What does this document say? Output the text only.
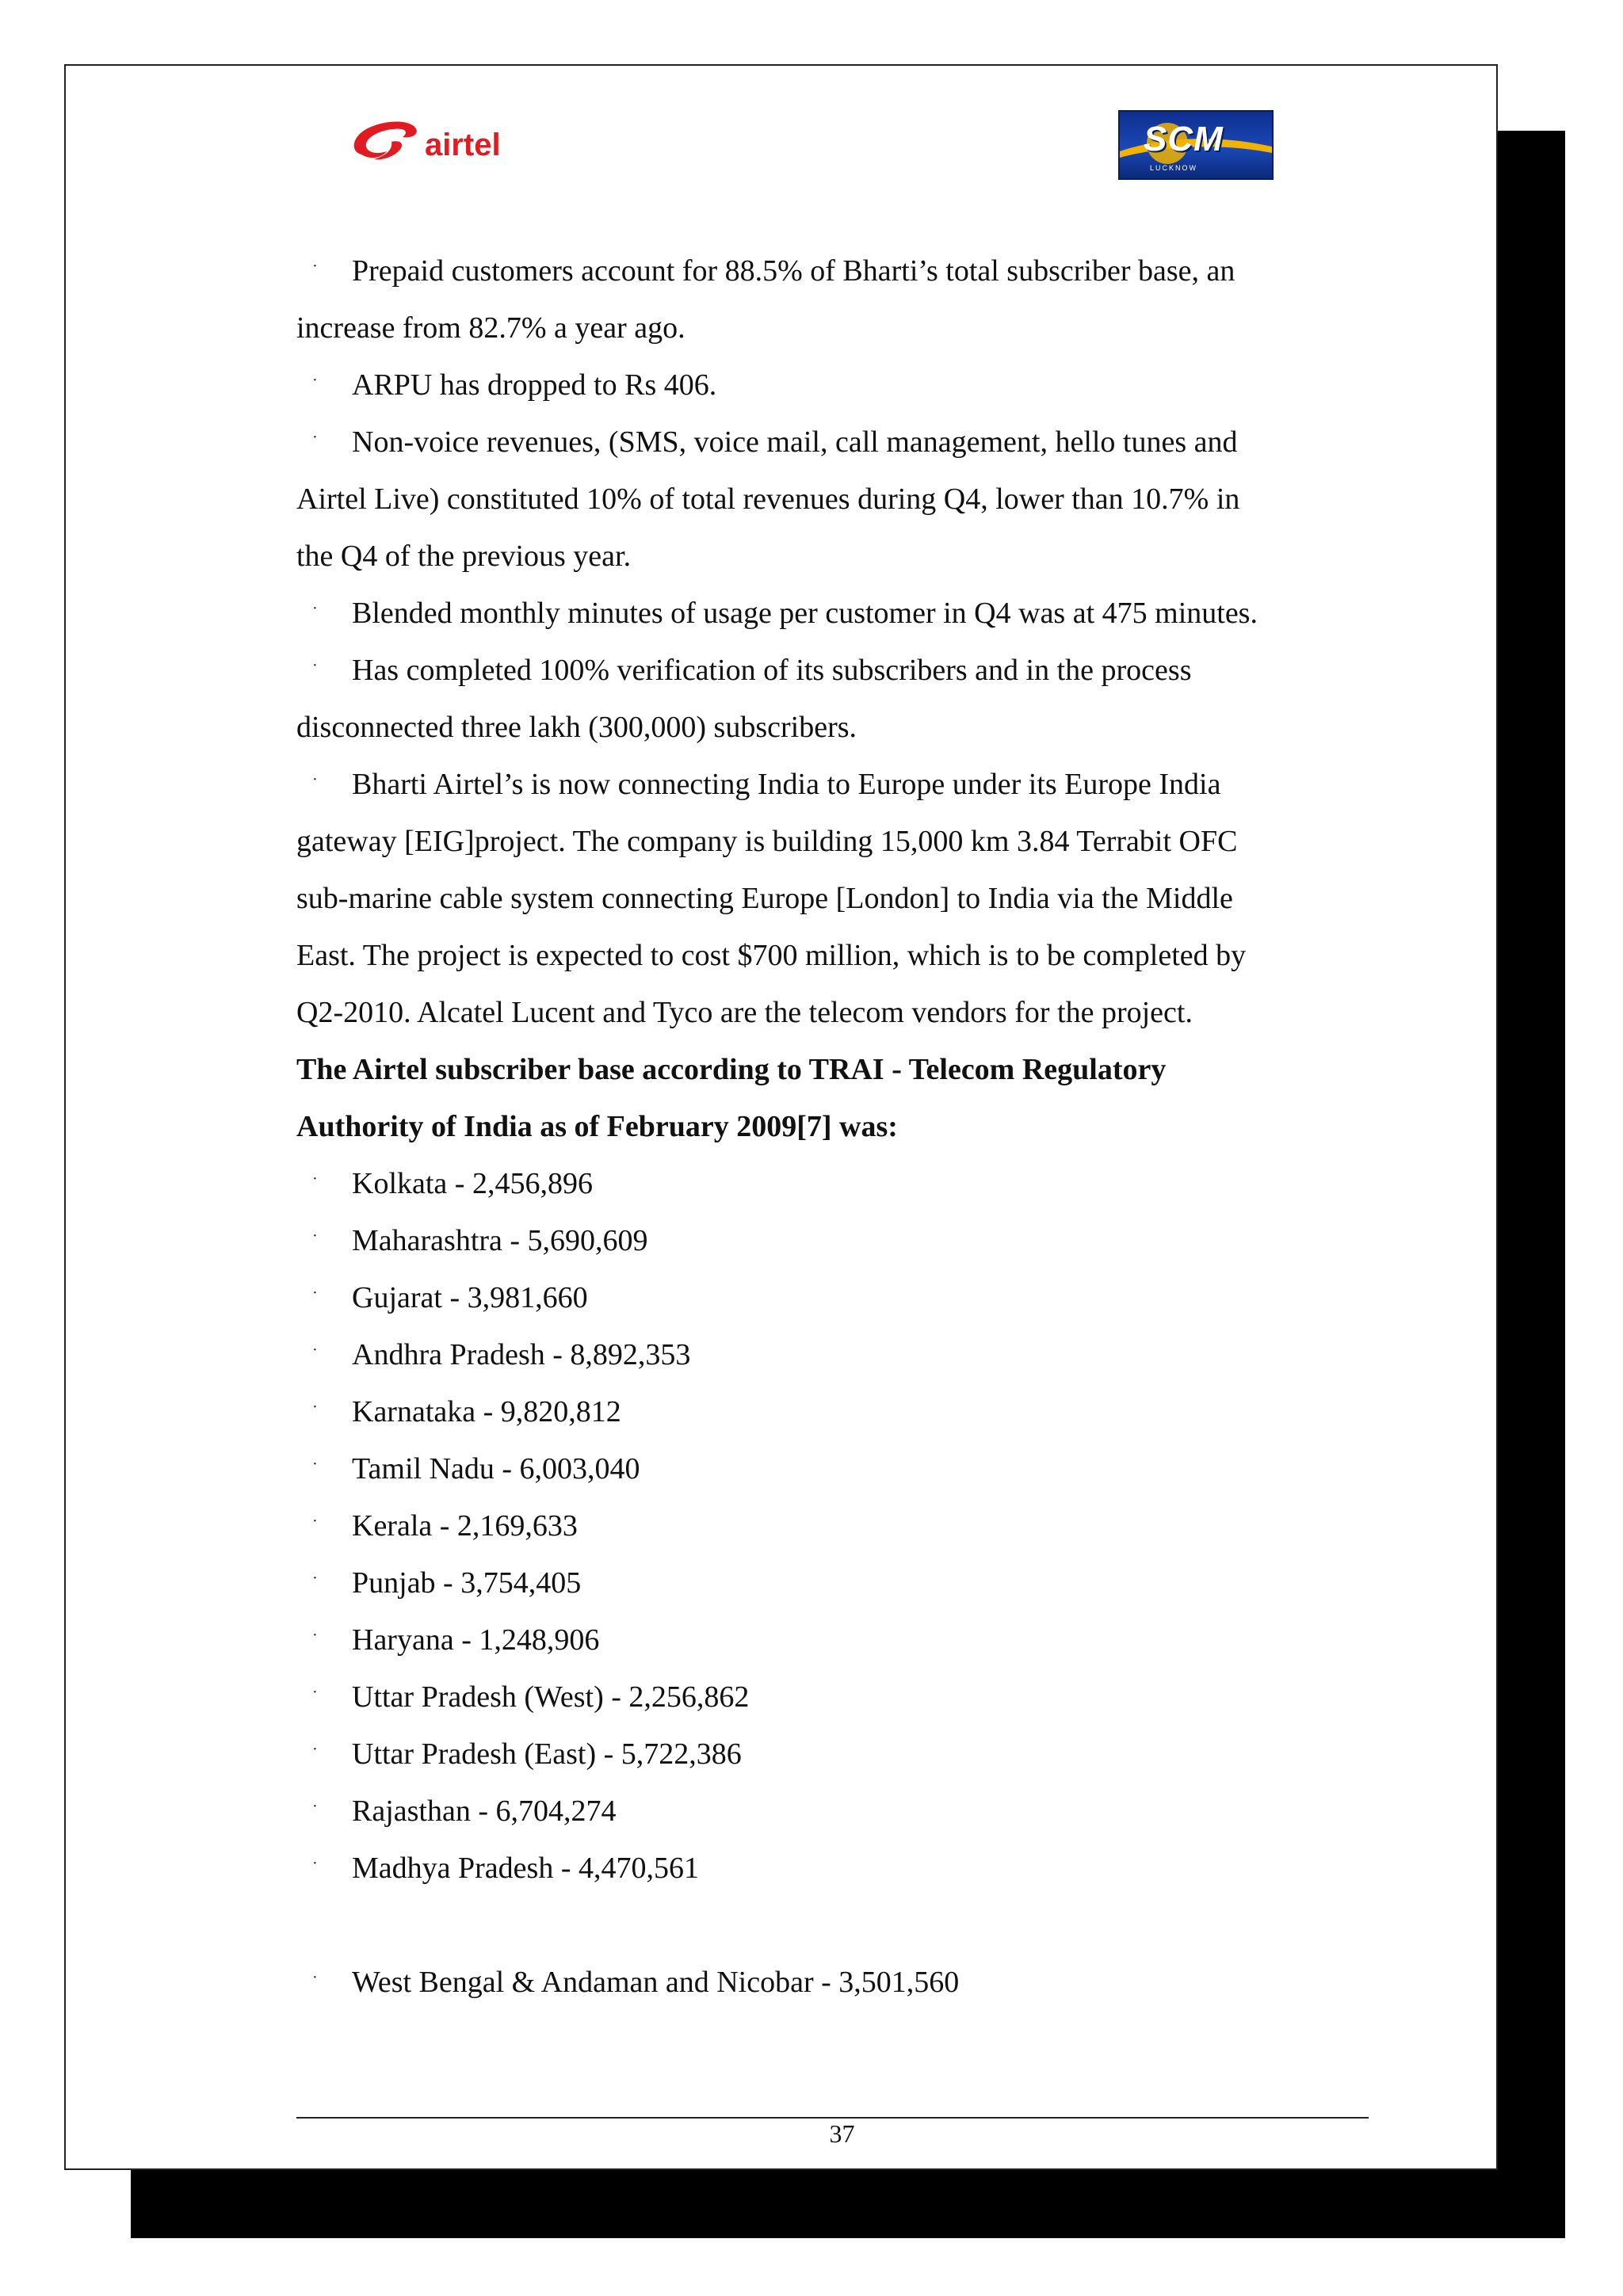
airtel	SCM
LUCKNOW
· Prepaid customers account for 88.5% of Bharti’s total subscriber base, an
increase from 82.7% a year ago.
· ARPU has dropped to Rs 406.
· Non-voice revenues, (SMS, voice mail, call management, hello tunes and
Airtel Live) constituted 10% of total revenues during Q4, lower than 10.7% in
the Q4 of the previous year.
· Blended monthly minutes of usage per customer in Q4 was at 475 minutes.
· Has completed 100% verification of its subscribers and in the process
disconnected three lakh (300,000) subscribers.
· Bharti Airtel’s is now connecting India to Europe under its Europe India
gateway [EIG]project. The company is building 15,000 km 3.84 Terrabit OFC
sub-marine cable system connecting Europe [London] to India via the Middle
East. The project is expected to cost $700 million, which is to be completed by
Q2-2010. Alcatel Lucent and Tyco are the telecom vendors for the project.
The Airtel subscriber base according to TRAI - Telecom Regulatory
Authority of India as of February 2009[7] was:
· Kolkata - 2,456,896
· Maharashtra - 5,690,609
· Gujarat - 3,981,660
· Andhra Pradesh - 8,892,353
· Karnataka - 9,820,812
· Tamil Nadu - 6,003,040
· Kerala - 2,169,633
· Punjab - 3,754,405
· Haryana - 1,248,906
· Uttar Pradesh (West) - 2,256,862
· Uttar Pradesh (East) - 5,722,386
· Rajasthan - 6,704,274
· Madhya Pradesh - 4,470,561
· West Bengal & Andaman and Nicobar - 3,501,560
37
